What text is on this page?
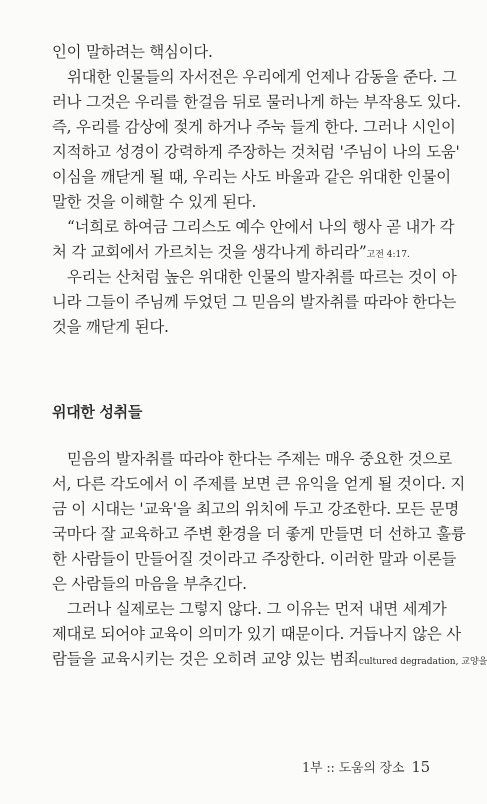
인이 말하려는 핵심이다.
위대한 인물들의 자서전은 우리에게 언제나 감동을 준다. 그
러나 그것은 우리를 한걸음 뒤로 물러나게 하는 부작용도 있다.
즉, 우리를 감상에 젖게 하거나 주눅 들게 한다. 그러나 시인이
지적하고 성경이 강력하게 주장하는 것처럼 '주님이 나의 도움'
이심을 깨닫게 될 때, 우리는 사도 바울과 같은 위대한 인물이
말한 것을 이해할 수 있게 된다.
“너희로 하여금 그리스도 예수 안에서 나의 행사 곧 내가 각
처 각 교회에서 가르치는 것을 생각나게 하리라”고전 4:17.
우리는 산처럼 높은 위대한 인물의 발자취를 따르는 것이 아
니라 그들이 주님께 두었던 그 믿음의 발자취를 따라야 한다는
것을 깨닫게 된다.
위대한 성취들
믿음의 발자취를 따라야 한다는 주제는 매우 중요한 것으로
서, 다른 각도에서 이 주제를 보면 큰 유익을 얻게 될 것이다. 지
금 이 시대는 '교육'을 최고의 위치에 두고 강조한다. 모든 문명
국마다 잘 교육하고 주변 환경을 더 좋게 만들면 더 선하고 훌륭
한 사람들이 만들어질 것이라고 주장한다. 이러한 말과 이론들
은 사람들의 마음을 부추긴다.
그러나 실제로는 그렇지 않다. 그 이유는 먼저 내면 세계가
제대로 되어야 교육이 의미가 있기 때문이다. 거듭나지 않은 사
람들을 교육시키는 것은 오히려 교양 있는 범죄cultured degradation, 교양을
1부 :: 도움의 장소 15
